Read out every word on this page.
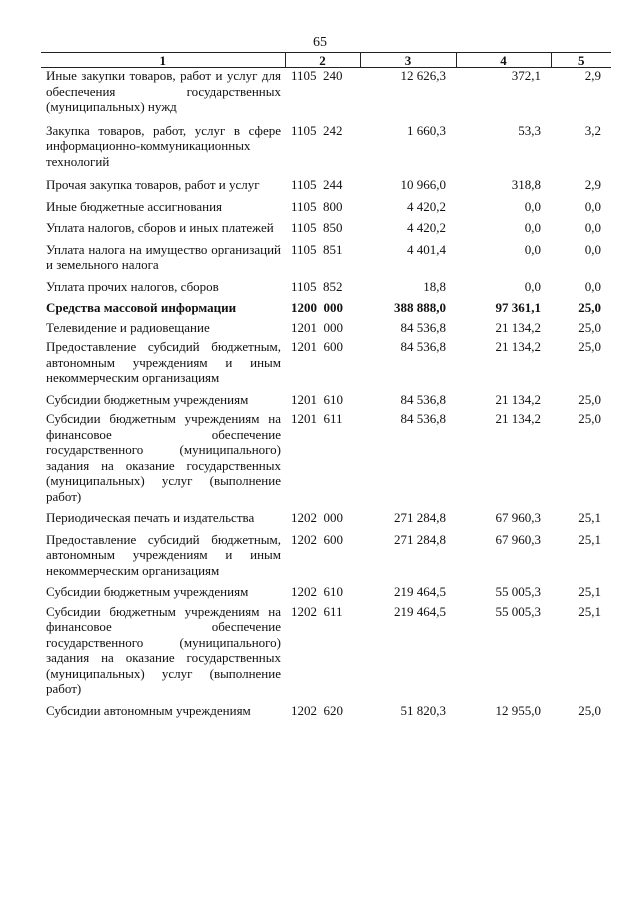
65
1	2	3	4	5
Иные закупки товаров, работ и услуг для обеспечения государственных (муниципальных) нужд	1105  240	12 626,3	372,1	2,9

Закупка товаров, работ, услуг в сфере информационно-коммуникационных технологий	1105  242	1 660,3	53,3	3,2

Прочая закупка товаров, работ и услуг	1105  244	10 966,0	318,8	2,9

Иные бюджетные ассигнования	1105  800	4 420,2	0,0	0,0

Уплата налогов, сборов и иных платежей	1105  850	4 420,2	0,0	0,0

Уплата налога на имущество организаций и земельного налога	1105  851	4 401,4	0,0	0,0

Уплата прочих налогов, сборов	1105  852	18,8	0,0	0,0

Средства массовой информации	1200  000	388 888,0	97 361,1	25,0

Телевидение и радиовещание	1201  000	84 536,8	21 134,2	25,0

Предоставление субсидий бюджетным, автономным учреждениям и иным некоммерческим организациям	1201  600	84 536,8	21 134,2	25,0

Субсидии бюджетным учреждениям	1201  610	84 536,8	21 134,2	25,0

Субсидии бюджетным учреждениям на финансовое обеспечение государственного (муниципального) задания на оказание государственных (муниципальных) услуг (выполнение работ)	1201  611	84 536,8	21 134,2	25,0

Периодическая печать и издательства	1202  000	271 284,8	67 960,3	25,1

Предоставление субсидий бюджетным, автономным учреждениям и иным некоммерческим организациям	1202  600	271 284,8	67 960,3	25,1

Субсидии бюджетным учреждениям	1202  610	219 464,5	55 005,3	25,1

Субсидии бюджетным учреждениям на финансовое обеспечение государственного (муниципального) задания на оказание государственных (муниципальных) услуг (выполнение работ)	1202  611	219 464,5	55 005,3	25,1

Субсидии автономным учреждениям	1202  620	51 820,3	12 955,0	25,0
